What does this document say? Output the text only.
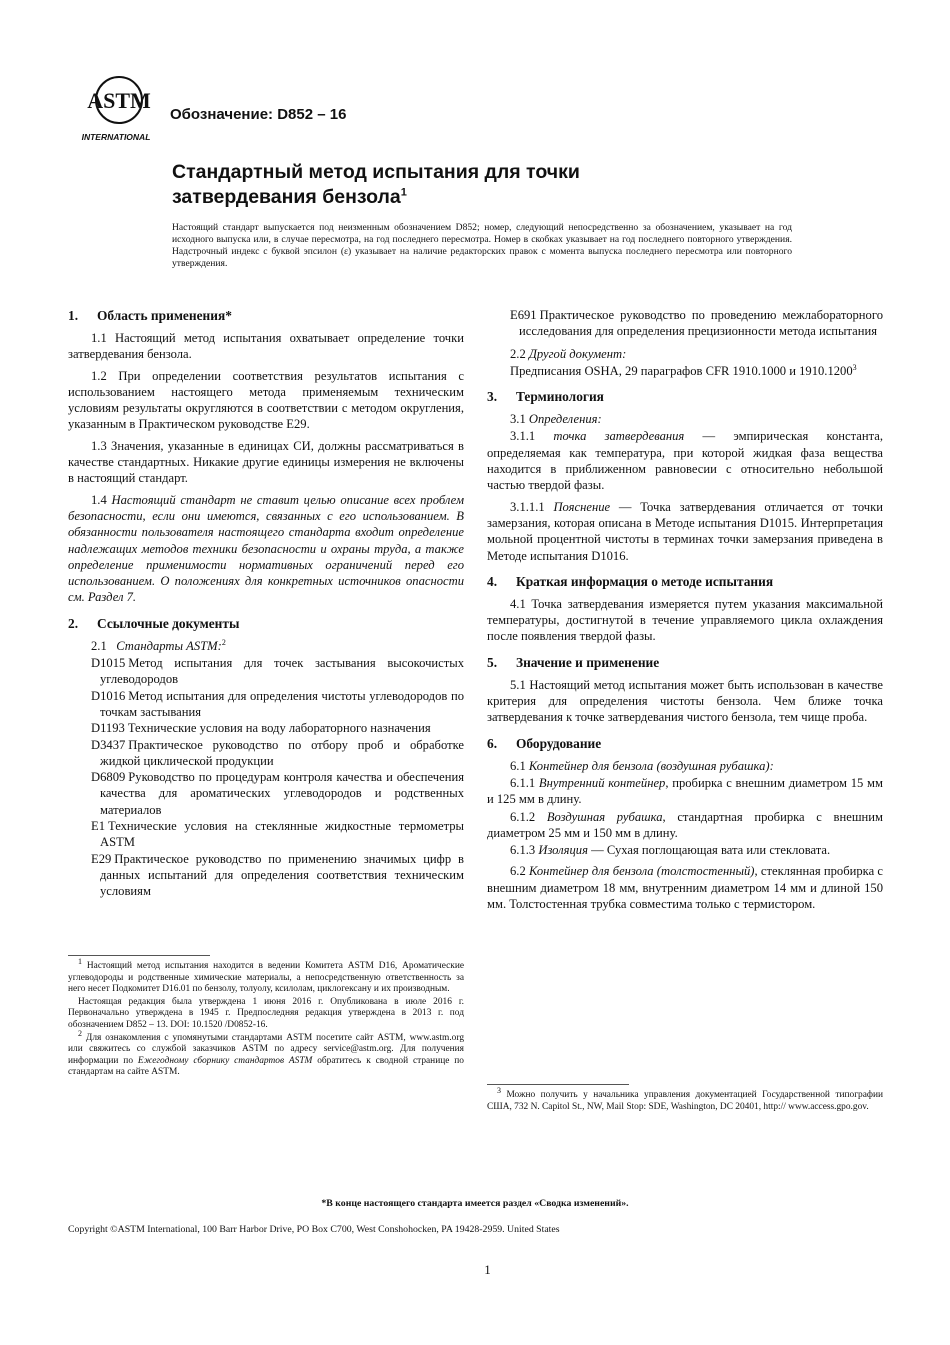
ASTM
INTERNATIONAL
Обозначение: D852 – 16
Стандартный метод испытания для точки
затвердевания бензола$^1$
Настоящий стандарт выпускается под неизменным обозначением D852; номер, следующий непосредственно за обозначением, указывает на год исходного выпуска или, в случае пересмотра, на год последнего пересмотра. Номер в скобках указывает на год последнего повторного утверждения. Надстрочный индекс с буквой эпсилон (ε) указывает на наличие редакторских правок с момента выпуска последнего пересмотра или повторного утверждения.
1.	Область применения*
1.1 Настоящий метод испытания охватывает определение точки затвердевания бензола.
1.2 При определении соответствия результатов испытания с использованием настоящего метода применяемым техническим условиям результаты округляются в соответствии с методом округления, указанным в Практическом руководстве E29.
1.3 Значения, указанные в единицах СИ, должны рассматриваться в качестве стандартных. Никакие другие единицы измерения не включены в настоящий стандарт.
1.4 Настоящий стандарт не ставит целью описание всех проблем безопасности, если они имеются, связанных с его использованием. В обязанности пользователя настоящего стандарта входит определение надлежащих методов техники безопасности и охраны труда, а также определение применимости нормативных ограничений перед его использованием. О положениях для конкретных источников опасности см. Раздел 7.
2.	Ссылочные документы
2.1 Стандарты ASTM:$^2$
D1015 Метод испытания для точек застывания высокочистых углеводородов
D1016 Метод испытания для определения чистоты углеводородов по точкам застывания
D1193 Технические условия на воду лабораторного назначения
D3437 Практическое руководство по отбору проб и обработке жидкой циклической продукции
D6809 Руководство по процедурам контроля качества и обеспечения качества для ароматических углеводородов и родственных материалов
E1 Технические условия на стеклянные жидкостные термометры ASTM
E29 Практическое руководство по применению значимых цифр в данных испытаний для определения соответствия техническим условиям
$^1$ Настоящий метод испытания находится в ведении Комитета ASTM D16, Ароматические углеводороды и родственные химические материалы, а непосредственную ответственность за него несет Подкомитет D16.01 по бензолу, толуолу, ксилолам, циклогексану и их производным.
Настоящая редакция была утверждена 1 июня 2016 г. Опубликована в июле 2016 г. Первоначально утверждена в 1945 г. Предпоследняя редакция утверждена в 2013 г. под обозначением D852 – 13. DOI: 10.1520 /D0852-16.
$^2$ Для ознакомления с упомянутыми стандартами ASTM посетите сайт ASTM, www.astm.org или свяжитесь со службой заказчиков ASTM по адресу service@astm.org. Для получения информации по Ежегодному сборнику стандартов ASTM обратитесь к сводной странице по стандартам на сайте ASTM.
E691 Практическое руководство по проведению межлабораторного исследования для определения прецизионности метода испытания
2.2 Другой документ:
Предписания OSHA, 29 параграфов CFR 1910.1000 и 1910.1200$^3$
3.	Терминология
3.1 Определения:
3.1.1 точка затвердевания — эмпирическая константа, определяемая как температура, при которой жидкая фаза вещества находится в приближенном равновесии с относительно небольшой частью твердой фазы.
3.1.1.1 Пояснение — Точка затвердевания отличается от точки замерзания, которая описана в Методе испытания D1015. Интерпретация мольной процентной чистоты в терминах точки замерзания приведена в Методе испытания D1016.
4.	Краткая информация о методе испытания
4.1 Точка затвердевания измеряется путем указания максимальной температуры, достигнутой в течение управляемого цикла охлаждения после появления твердой фазы.
5.	Значение и применение
5.1 Настоящий метод испытания может быть использован в качестве критерия для определения чистоты бензола. Чем ближе точка затвердевания к точке затвердевания чистого бензола, тем чище проба.
6.	Оборудование
6.1 Контейнер для бензола (воздушная рубашка):
6.1.1 Внутренний контейнер, пробирка с внешним диаметром 15 мм и 125 мм в длину.
6.1.2 Воздушная рубашка, стандартная пробирка с внешним диаметром 25 мм и 150 мм в длину.
6.1.3 Изоляция — Сухая поглощающая вата или стекловата.
6.2 Контейнер для бензола (толстостенный), стеклянная пробирка с внешним диаметром 18 мм, внутренним диаметром 14 мм и длиной 150 мм. Толстостенная трубка совместима только с термистором.
$^3$ Можно получить у начальника управления документацией Государственной типографии США, 732 N. Capitol St., NW, Mail Stop: SDE, Washington, DC 20401, http:// www.access.gpo.gov.
*В конце настоящего стандарта имеется раздел «Сводка изменений».
Copyright ©ASTM International, 100 Barr Harbor Drive, PO Box C700, West Conshohocken, PA 19428-2959. United States
1
